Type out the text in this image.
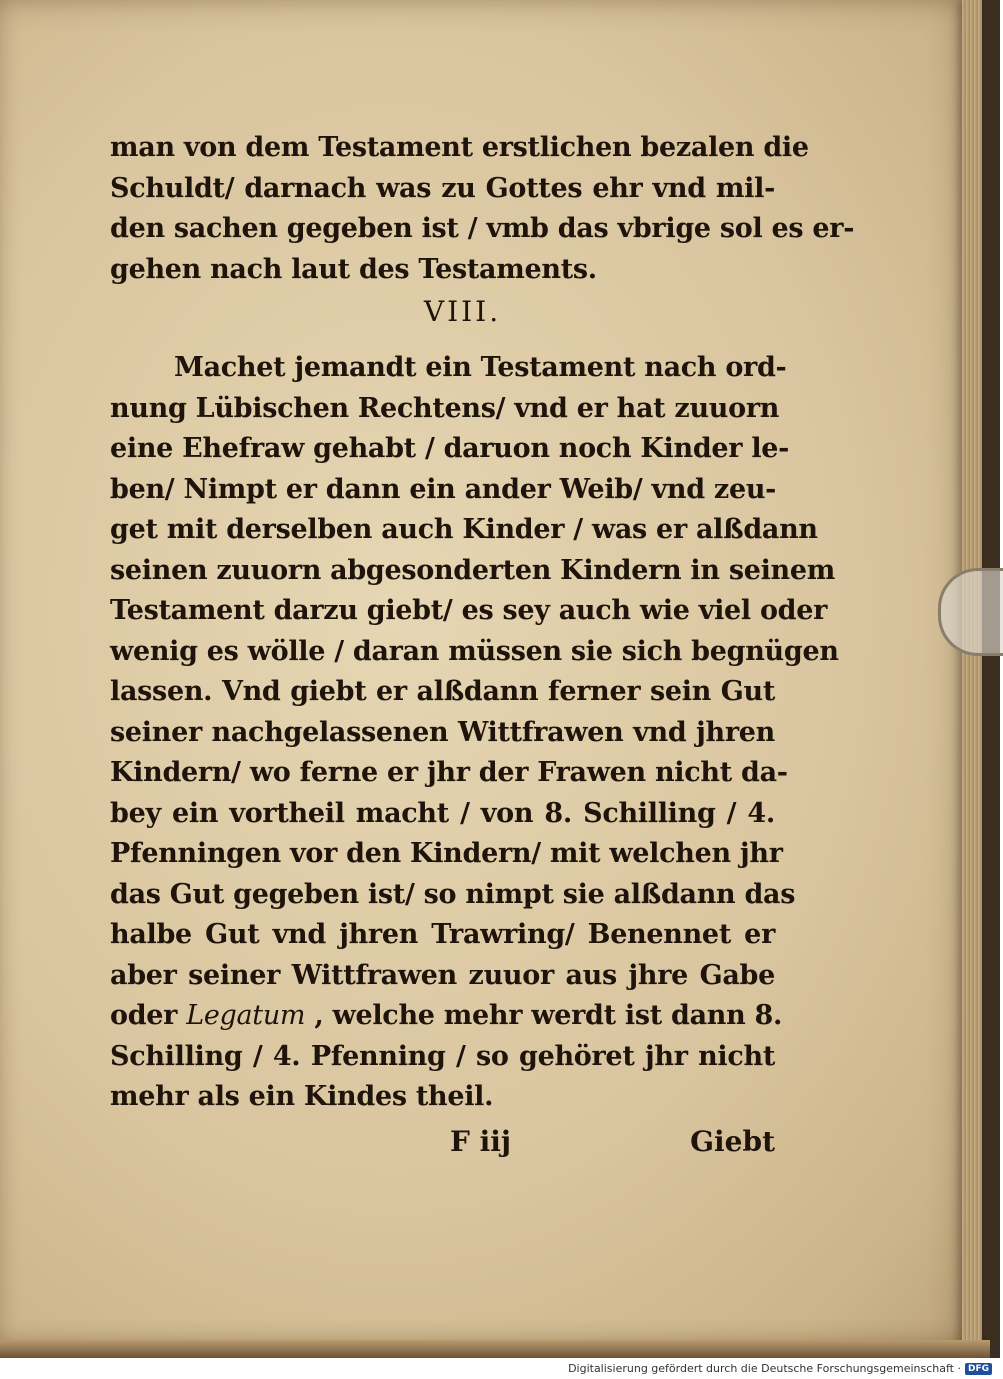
man von dem Testament erstlichen bezalen die
Schuldt/ darnach was zu Gottes ehr vnd mil-
den sachen gegeben ist / vmb das vbrige sol es er-
gehen nach laut des Testaments.
VIII.
Machet jemandt ein Testament nach ord-
nung Lübischen Rechtens/ vnd er hat zuuorn
eine Ehefraw gehabt / daruon noch Kinder le-
ben/ Nimpt er dann ein ander Weib/ vnd zeu-
get mit derselben auch Kinder / was er alßdann
seinen zuuorn abgesonderten Kindern in seinem
Testament darzu giebt/ es sey auch wie viel oder
wenig es wölle / daran müssen sie sich begnügen
lassen. Vnd giebt er alßdann ferner sein Gut
seiner nachgelassenen Wittfrawen vnd jhren
Kindern/ wo ferne er jhr der Frawen nicht da-
bey ein vortheil macht / von 8. Schilling / 4.
Pfenningen vor den Kindern/ mit welchen jhr
das Gut gegeben ist/ so nimpt sie alßdann das
halbe Gut vnd jhren Trawring/ Benennet er
aber seiner Wittfrawen zuuor aus jhre Gabe
oder Legatum , welche mehr werdt ist dann 8.
Schilling / 4. Pfenning / so gehöret jhr nicht
mehr als ein Kindes theil.
F iij	Giebt
Digitalisierung gefördert durch die Deutsche Forschungsgemeinschaft · DFG
